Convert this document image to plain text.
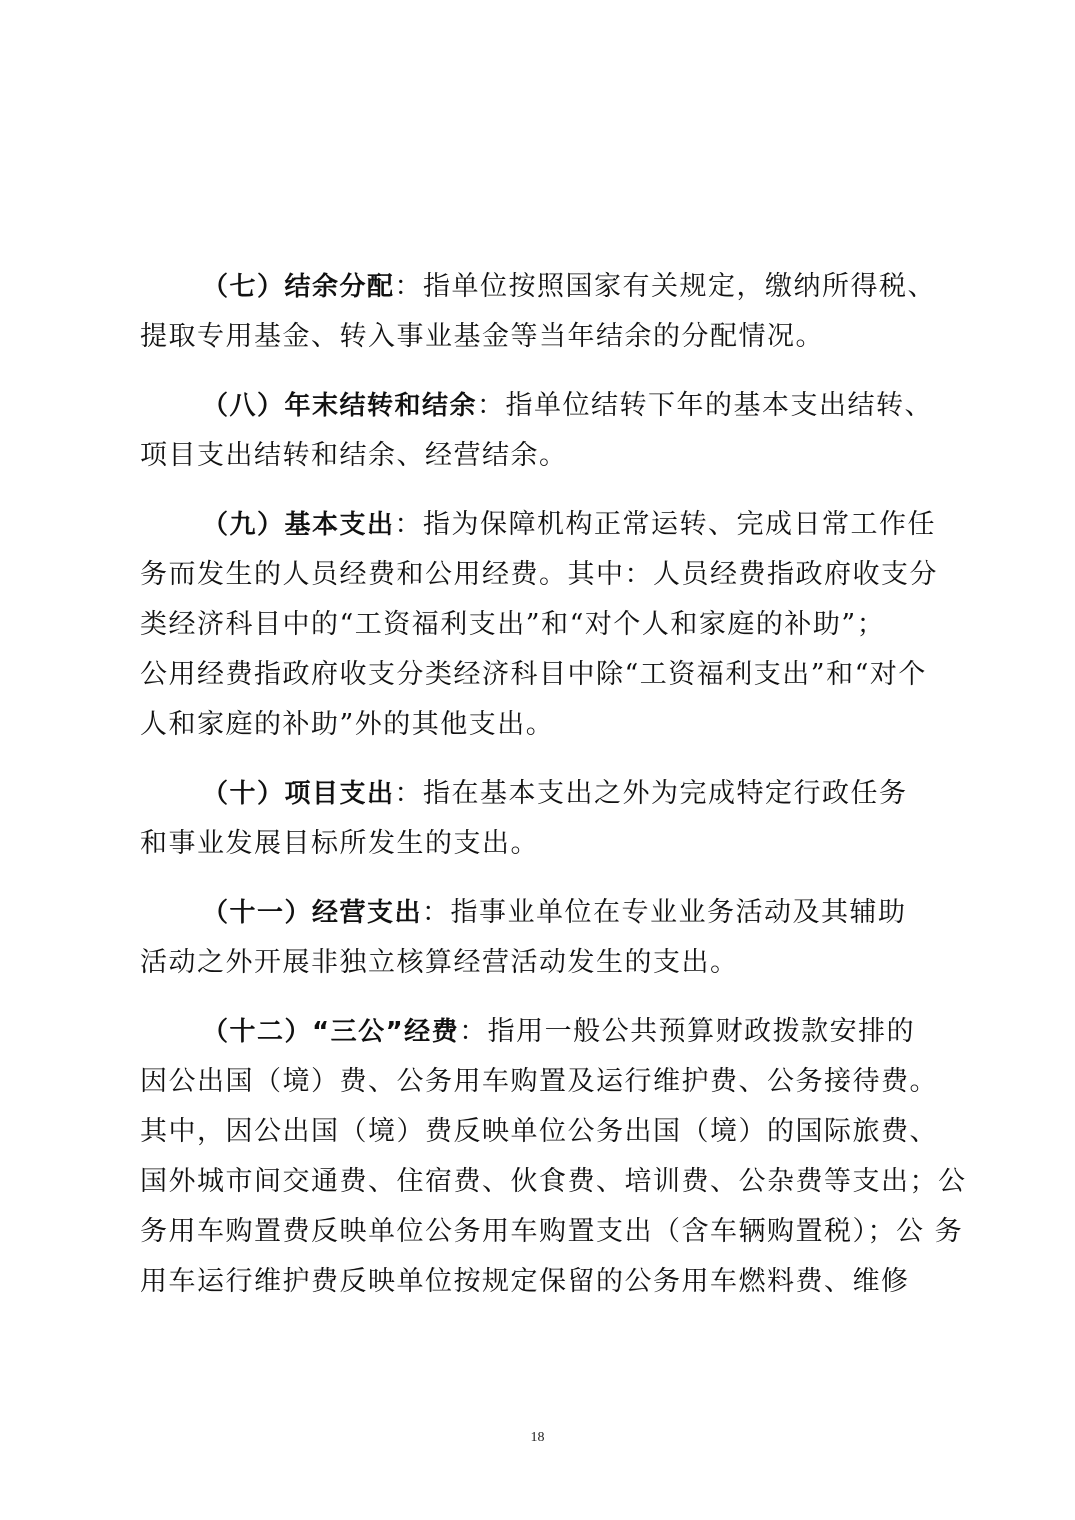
（七）结余分配：指单位按照国家有关规定，缴纳所得税、
提取专用基金、转入事业基金等当年结余的分配情况。
（八）年末结转和结余：指单位结转下年的基本支出结转、
项目支出结转和结余、经营结余。
（九）基本支出：指为保障机构正常运转、完成日常工作任
务而发生的人员经费和公用经费。其中：人员经费指政府收支分
类经济科目中的“工资福利支出”和“对个人和家庭的补助”；
公用经费指政府收支分类经济科目中除“工资福利支出”和“对个
人和家庭的补助”外的其他支出。
（十）项目支出：指在基本支出之外为完成特定行政任务
和事业发展目标所发生的支出。
（十一）经营支出：指事业单位在专业业务活动及其辅助
活动之外开展非独立核算经营活动发生的支出。
（十二）“三公”经费：指用一般公共预算财政拨款安排的
因公出国（境）费、公务用车购置及运行维护费、公务接待费。
其中，因公出国（境）费反映单位公务出国（境）的国际旅费、
国外城市间交通费、住宿费、伙食费、培训费、公杂费等支出；公
务用车购置费反映单位公务用车购置支出（含车辆购置税）；公 务
用车运行维护费反映单位按规定保留的公务用车燃料费、维修
18
